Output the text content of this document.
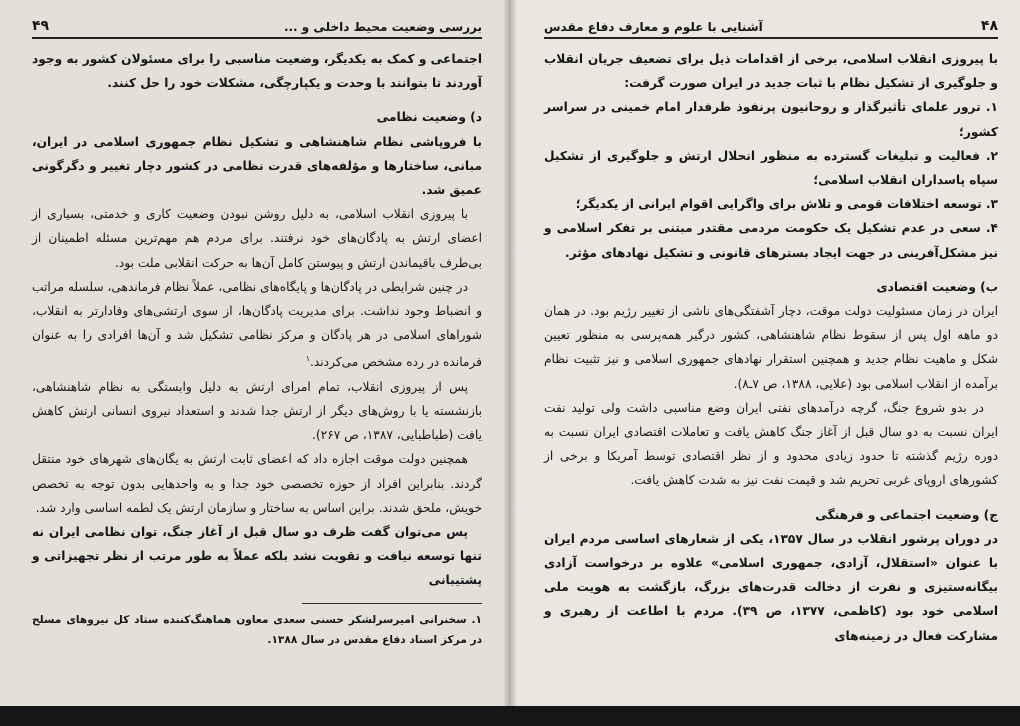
بررسی وضعیت محیط داخلی و ...
۴۹

اجتماعی و کمک به یکدیگر، وضعیت مناسبی را برای مسئولان کشور به وجود آوردند تا بتوانند با وحدت و یکپارچگی، مشکلات خود را حل کنند.

د) وضعیت نظامی

با فروپاشی نظام شاهنشاهی و تشکیل نظام جمهوری اسلامی در ایران، مبانی، ساختارها و مؤلفه‌های قدرت نظامی در کشور دچار تغییر و دگرگونی عمیق شد.

با پیروزی انقلاب اسلامی، به دلیل روشن نبودن وضعیت کاری و خدمتی، بسیاری از اعضای ارتش به پادگان‌های خود نرفتند. برای مردم هم مهم‌ترین مسئله اطمینان از بی‌طرف باقیماندن ارتش و پیوستن کامل آن‌ها به حرکت انقلابی ملت بود.

در چنین شرایطی در پادگان‌ها و پایگاه‌های نظامی، عملاً نظام فرماندهی، سلسله مراتب و انضباط وجود نداشت. برای مدیریت پادگان‌ها، از سوی ارتشی‌های وفادارتر به انقلاب، شوراهای اسلامی در هر پادگان و مرکز نظامی تشکیل شد و آن‌ها افرادی را به عنوان فرمانده در رده مشخص می‌کردند.$^۱$

پس از پیروزی انقلاب، تمام امرای ارتش به دلیل وابستگی به نظام شاهنشاهی، بازنشسته یا با روش‌های دیگر از ارتش جدا شدند و استعداد نیروی انسانی ارتش کاهش یافت (طباطبایی، ۱۳۸۷، ص ۲۶۷).

همچنین دولت موقت اجازه داد که اعضای ثابت ارتش به یگان‌های شهرهای خود منتقل گردند. بنابراین افراد از حوزه تخصصی خود جدا و به واحدهایی بدون توجه به تخصص خویش، ملحق شدند. براین اساس به ساختار و سازمان ارتش یک لطمه اساسی وارد شد.

پس می‌توان گفت ظرف دو سال قبل از آغاز جنگ، توان نظامی ایران نه تنها توسعه نیافت و تقویت نشد بلکه عملاً به طور مرتب از نظر تجهیزاتی و پشتیبانی

۱. سخنرانی امیرسرلشکر حسنی سعدی معاون هماهنگ‌کننده ستاد کل نیروهای مسلح در مرکز اسناد دفاع مقدس در سال ۱۳۸۸.

۴۸
آشنایی با علوم و معارف دفاع مقدس

با پیروزی انقلاب اسلامی، برخی از اقدامات ذیل برای تضعیف جریان انقلاب و جلوگیری از تشکیل نظام با ثبات جدید در ایران صورت گرفت:

۱. ترور علمای تأثیرگذار و روحانیون پرنفوذ طرفدار امام خمینی در سراسر کشور؛

۲. فعالیت و تبلیغات گسترده به منظور انحلال ارتش و جلوگیری از تشکیل سپاه پاسداران انقلاب اسلامی؛

۳. توسعه اختلافات قومی و تلاش برای واگرایی اقوام ایرانی از یکدیگر؛

۴. سعی در عدم تشکیل یک حکومت مردمی مقتدر مبتنی بر تفکر اسلامی و نیز مشکل‌آفرینی در جهت ایجاد بسترهای قانونی و تشکیل نهادهای مؤثر.

ب) وضعیت اقتصادی

ایران در زمان مسئولیت دولت موقت، دچار آشفتگی‌های ناشی از تغییر رژیم بود. در همان دو ماهه اول پس از سقوط نظام شاهنشاهی، کشور درگیر همه‌پرسی به منظور تعیین شکل و ماهیت نظام جدید و همچنین استقرار نهادهای جمهوری اسلامی و نیز تثبیت نظام برآمده از انقلاب اسلامی بود (علایی، ۱۳۸۸، ص ۷ـ۸).

در بدو شروع جنگ، گرچه درآمدهای نفتی ایران وضع مناسبی داشت ولی تولید نفت ایران نسبت به دو سال قبل از آغاز جنگ کاهش یافت و تعاملات اقتصادی ایران نسبت به دوره رژیم گذشته تا حدود زیادی محدود و از نظر اقتصادی توسط آمریکا و برخی از کشورهای اروپای غربی تحریم شد و قیمت نفت نیز به شدت کاهش یافت.

ج) وضعیت اجتماعی و فرهنگی

در دوران پرشور انقلاب در سال ۱۳۵۷، یکی از شعارهای اساسی مردم ایران با عنوان «استقلال، آزادی، جمهوری اسلامی» علاوه بر درخواست آزادی بیگانه‌ستیزی و نفرت از دخالت قدرت‌های بزرگ، بازگشت به هویت ملی اسلامی خود بود (کاظمی، ۱۳۷۷، ص ۳۹). مردم با اطاعت از رهبری و مشارکت فعال در زمینه‌های
